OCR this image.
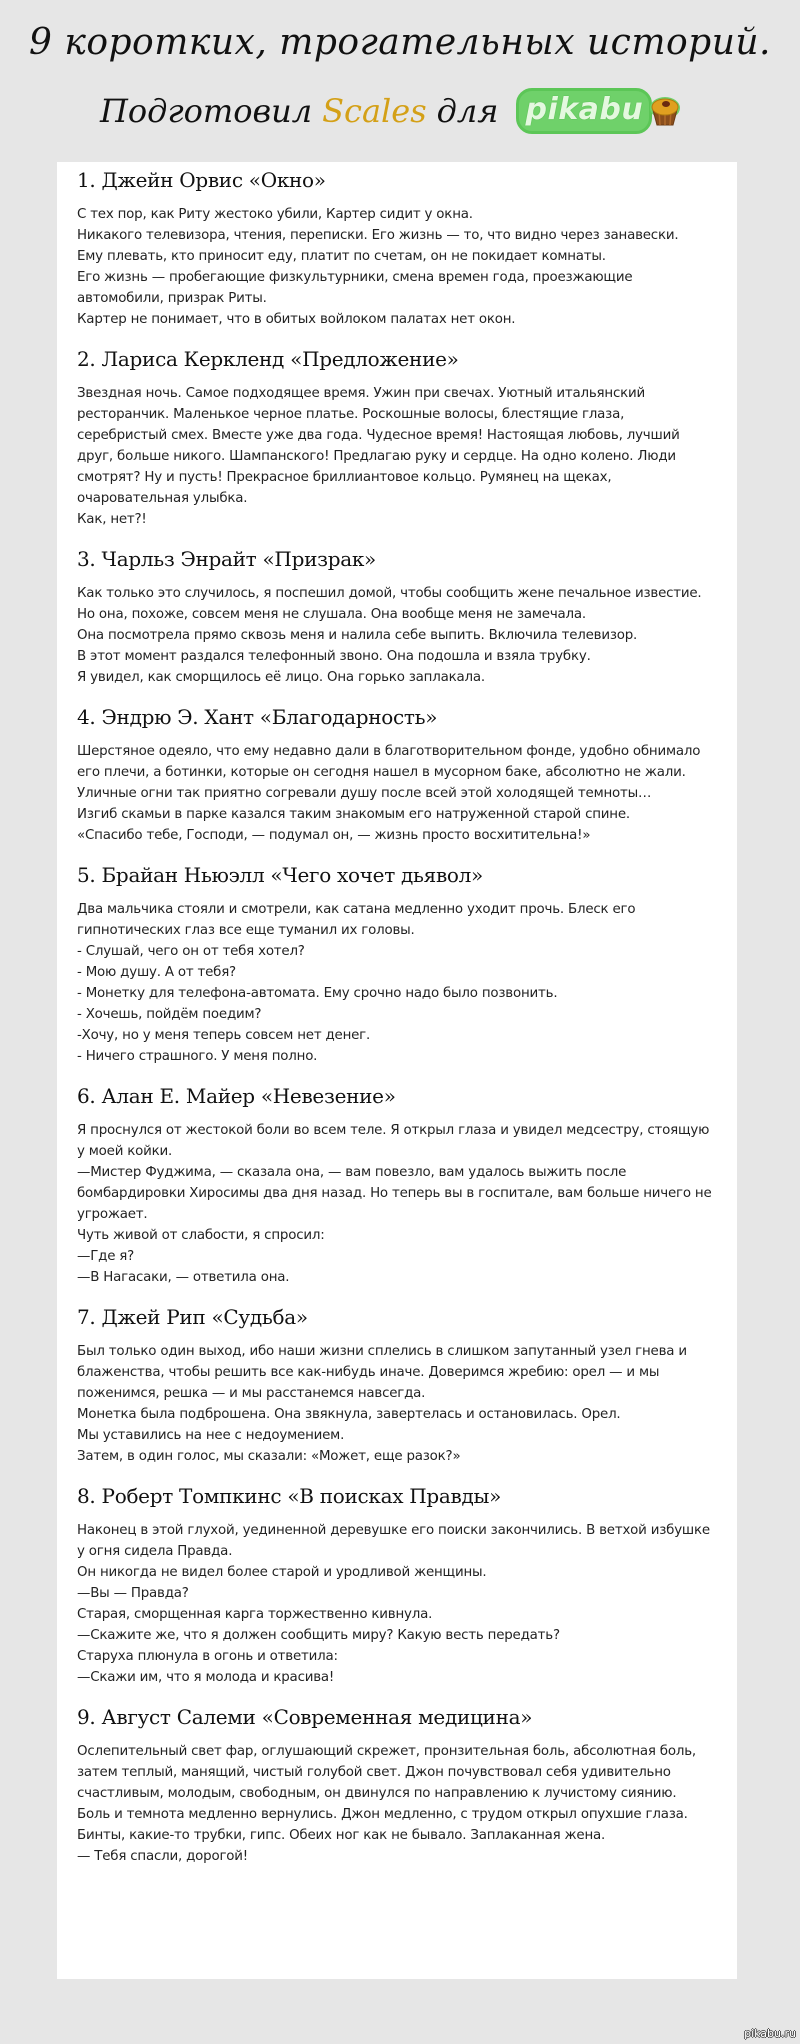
9 коротких, трогательных историй.
Подготовил Scales для pikabu
1. Джейн Орвис «Окно»

С тех пор, как Риту жестоко убили, Картер сидит у окна.

Никакого телевизора, чтения, переписки. Его жизнь — то, что видно через занавески.

Ему плевать, кто приносит еду, платит по счетам, он не покидает комнаты.

Его жизнь — пробегающие физкультурники, смена времен года, проезжающие автомобили, призрак Риты.

Картер не понимает, что в обитых войлоком палатах нет окон.

2. Лариса Керкленд «Предложение»

Звездная ночь. Самое подходящее время. Ужин при свечах. Уютный итальянский ресторанчик. Маленькое черное платье. Роскошные волосы, блестящие глаза, серебристый смех. Вместе уже два года. Чудесное время! Настоящая любовь, лучший друг, больше никого. Шампанского! Предлагаю руку и сердце. На одно колено. Люди смотрят? Ну и пусть! Прекрасное бриллиантовое кольцо. Румянец на щеках, очаровательная улыбка.

Как, нет?!

3. Чарльз Энрайт «Призрак»

Как только это случилось, я поспешил домой, чтобы сообщить жене печальное известие. Но она, похоже, совсем меня не слушала. Она вообще меня не замечала.

Она посмотрела прямо сквозь меня и налила себе выпить. Включила телевизор.

В этот момент раздался телефонный звоно. Она подошла и взяла трубку.

Я увидел, как сморщилось её лицо. Она горько заплакала.

4. Эндрю Э. Хант «Благодарность»

Шерстяное одеяло, что ему недавно дали в благотворительном фонде, удобно обнимало его плечи, а ботинки, которые он сегодня нашел в мусорном баке, абсолютно не жали.

Уличные огни так приятно согревали душу после всей этой холодящей темноты…

Изгиб скамьи в парке казался таким знакомым его натруженной старой спине.

«Спасибо тебе, Господи, — подумал он, — жизнь просто восхитительна!»

5. Брайан Ньюэлл «Чего хочет дьявол»

Два мальчика стояли и смотрели, как сатана медленно уходит прочь. Блеск его гипнотических глаз все еще туманил их головы.

- Слушай, чего он от тебя хотел?

- Мою душу. А от тебя?

- Монетку для телефона-автомата. Ему срочно надо было позвонить.

- Хочешь, пойдём поедим?

-Хочу, но у меня теперь совсем нет денег.

- Ничего страшного. У меня полно.

6. Алан Е. Майер «Невезение»

Я проснулся от жестокой боли во всем теле. Я открыл глаза и увидел медсестру, стоящую у моей койки.

—Мистер Фуджима, — сказала она, — вам повезло, вам удалось выжить после бомбардировки Хиросимы два дня назад. Но теперь вы в госпитале, вам больше ничего не угрожает.

Чуть живой от слабости, я спросил:

—Где я?

—В Нагасаки, — ответила она.

7. Джей Рип «Судьба»

Был только один выход, ибо наши жизни сплелись в слишком запутанный узел гнева и блаженства, чтобы решить все как-нибудь иначе. Доверимся жребию: орел — и мы поженимся, решка — и мы расстанемся навсегда.

Монетка была подброшена. Она звякнула, завертелась и остановилась. Орел.

Мы уставились на нее с недоумением.

Затем, в один голос, мы сказали: «Может, еще разок?»

8. Роберт Томпкинс «В поисках Правды»

Наконец в этой глухой, уединенной деревушке его поиски закончились. В ветхой избушке у огня сидела Правда.

Он никогда не видел более старой и уродливой женщины.

—Вы — Правда?

Старая, сморщенная карга торжественно кивнула.

—Скажите же, что я должен сообщить миру? Какую весть передать?

Старуха плюнула в огонь и ответила:

—Скажи им, что я молода и красива!

9. Август Салеми «Современная медицина»

Ослепительный свет фар, оглушающий скрежет, пронзительная боль, абсолютная боль, затем теплый, манящий, чистый голубой свет. Джон почувствовал себя удивительно счастливым, молодым, свободным, он двинулся по направлению к лучистому сиянию.

Боль и темнота медленно вернулись. Джон медленно, с трудом открыл опухшие глаза. Бинты, какие-то трубки, гипс. Обеих ног как не бывало. Заплаканная жена.

— Тебя спасли, дорогой!

pikabu.ru
